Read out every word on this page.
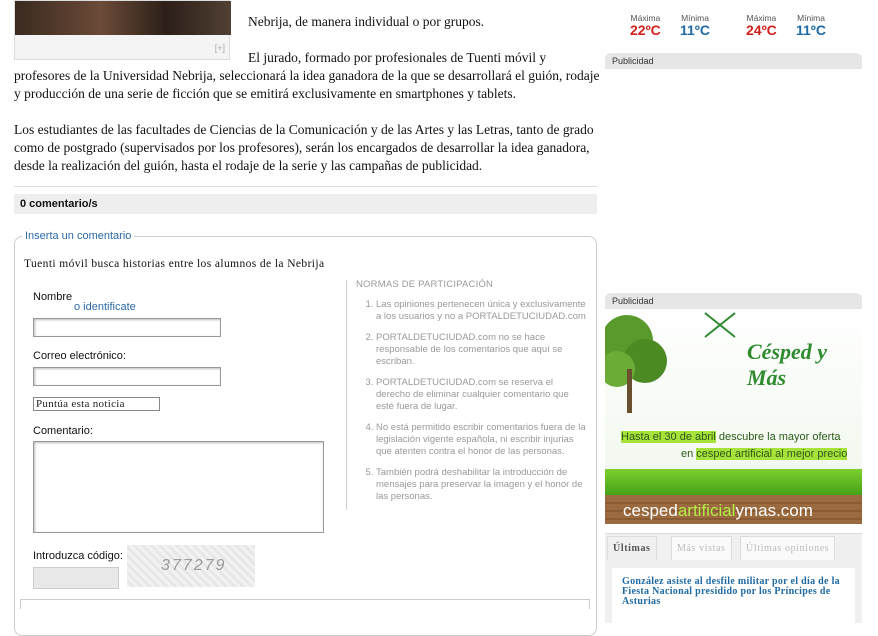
[+]
Nebrija, de manera individual o por grupos.
El jurado, formado por profesionales de Tuenti móvil y
profesores de la Universidad Nebrija, seleccionará la idea ganadora de la que se desarrollará el guión, rodaje y producción de una serie de ficción que se emitirá exclusivamente en smartphones y tablets.
Los estudiantes de las facultades de Ciencias de la Comunicación y de las Artes y las Letras, tanto de grado como de postgrado (supervisados por los profesores), serán los encargados de desarrollar la idea ganadora, desde la realización del guión, hasta el rodaje de la serie y las campañas de publicidad.
0 comentario/s
Inserta un comentario
Tuenti móvil busca historias entre los alumnos de la Nebrija
Nombre
o identificate
Correo electrónico:
Puntúa esta noticia
Comentario:
Introduzca código:
377279
NORMAS DE PARTICIPACIÓN
1. Las opiniones pertenecen única y exclusivamente a los usuarios y no a PORTALDETUCIUDAD.com
2. PORTALDETUCIUDAD.com no se hace responsable de los comentarios que aquí se escriban.
3. PORTALDETUCIUDAD.com se reserva el derecho de eliminar cualquier comentario que esté fuera de lugar.
4. No está permitido escribir comentarios fuera de la legislación vigente española, ni escribir injurias que atenten contra el honor de las personas.
5. También podrá deshabilitar la introducción de mensajes para preservar la imagen y el honor de las personas.
Máxima
22ºC
Mínima
11ºC
Máxima
24ºC
Mínima
11ºC
Publicidad
Publicidad
Césped y Más
Hasta el 30 de abril descubre la mayor oferta
en cesped artificial al mejor precio
cespedartificialymas.com
Últimas	Más vistas	Últimas opiniones
González asiste al desfile militar por el día de la Fiesta Nacional presidido por los Príncipes de Asturias
